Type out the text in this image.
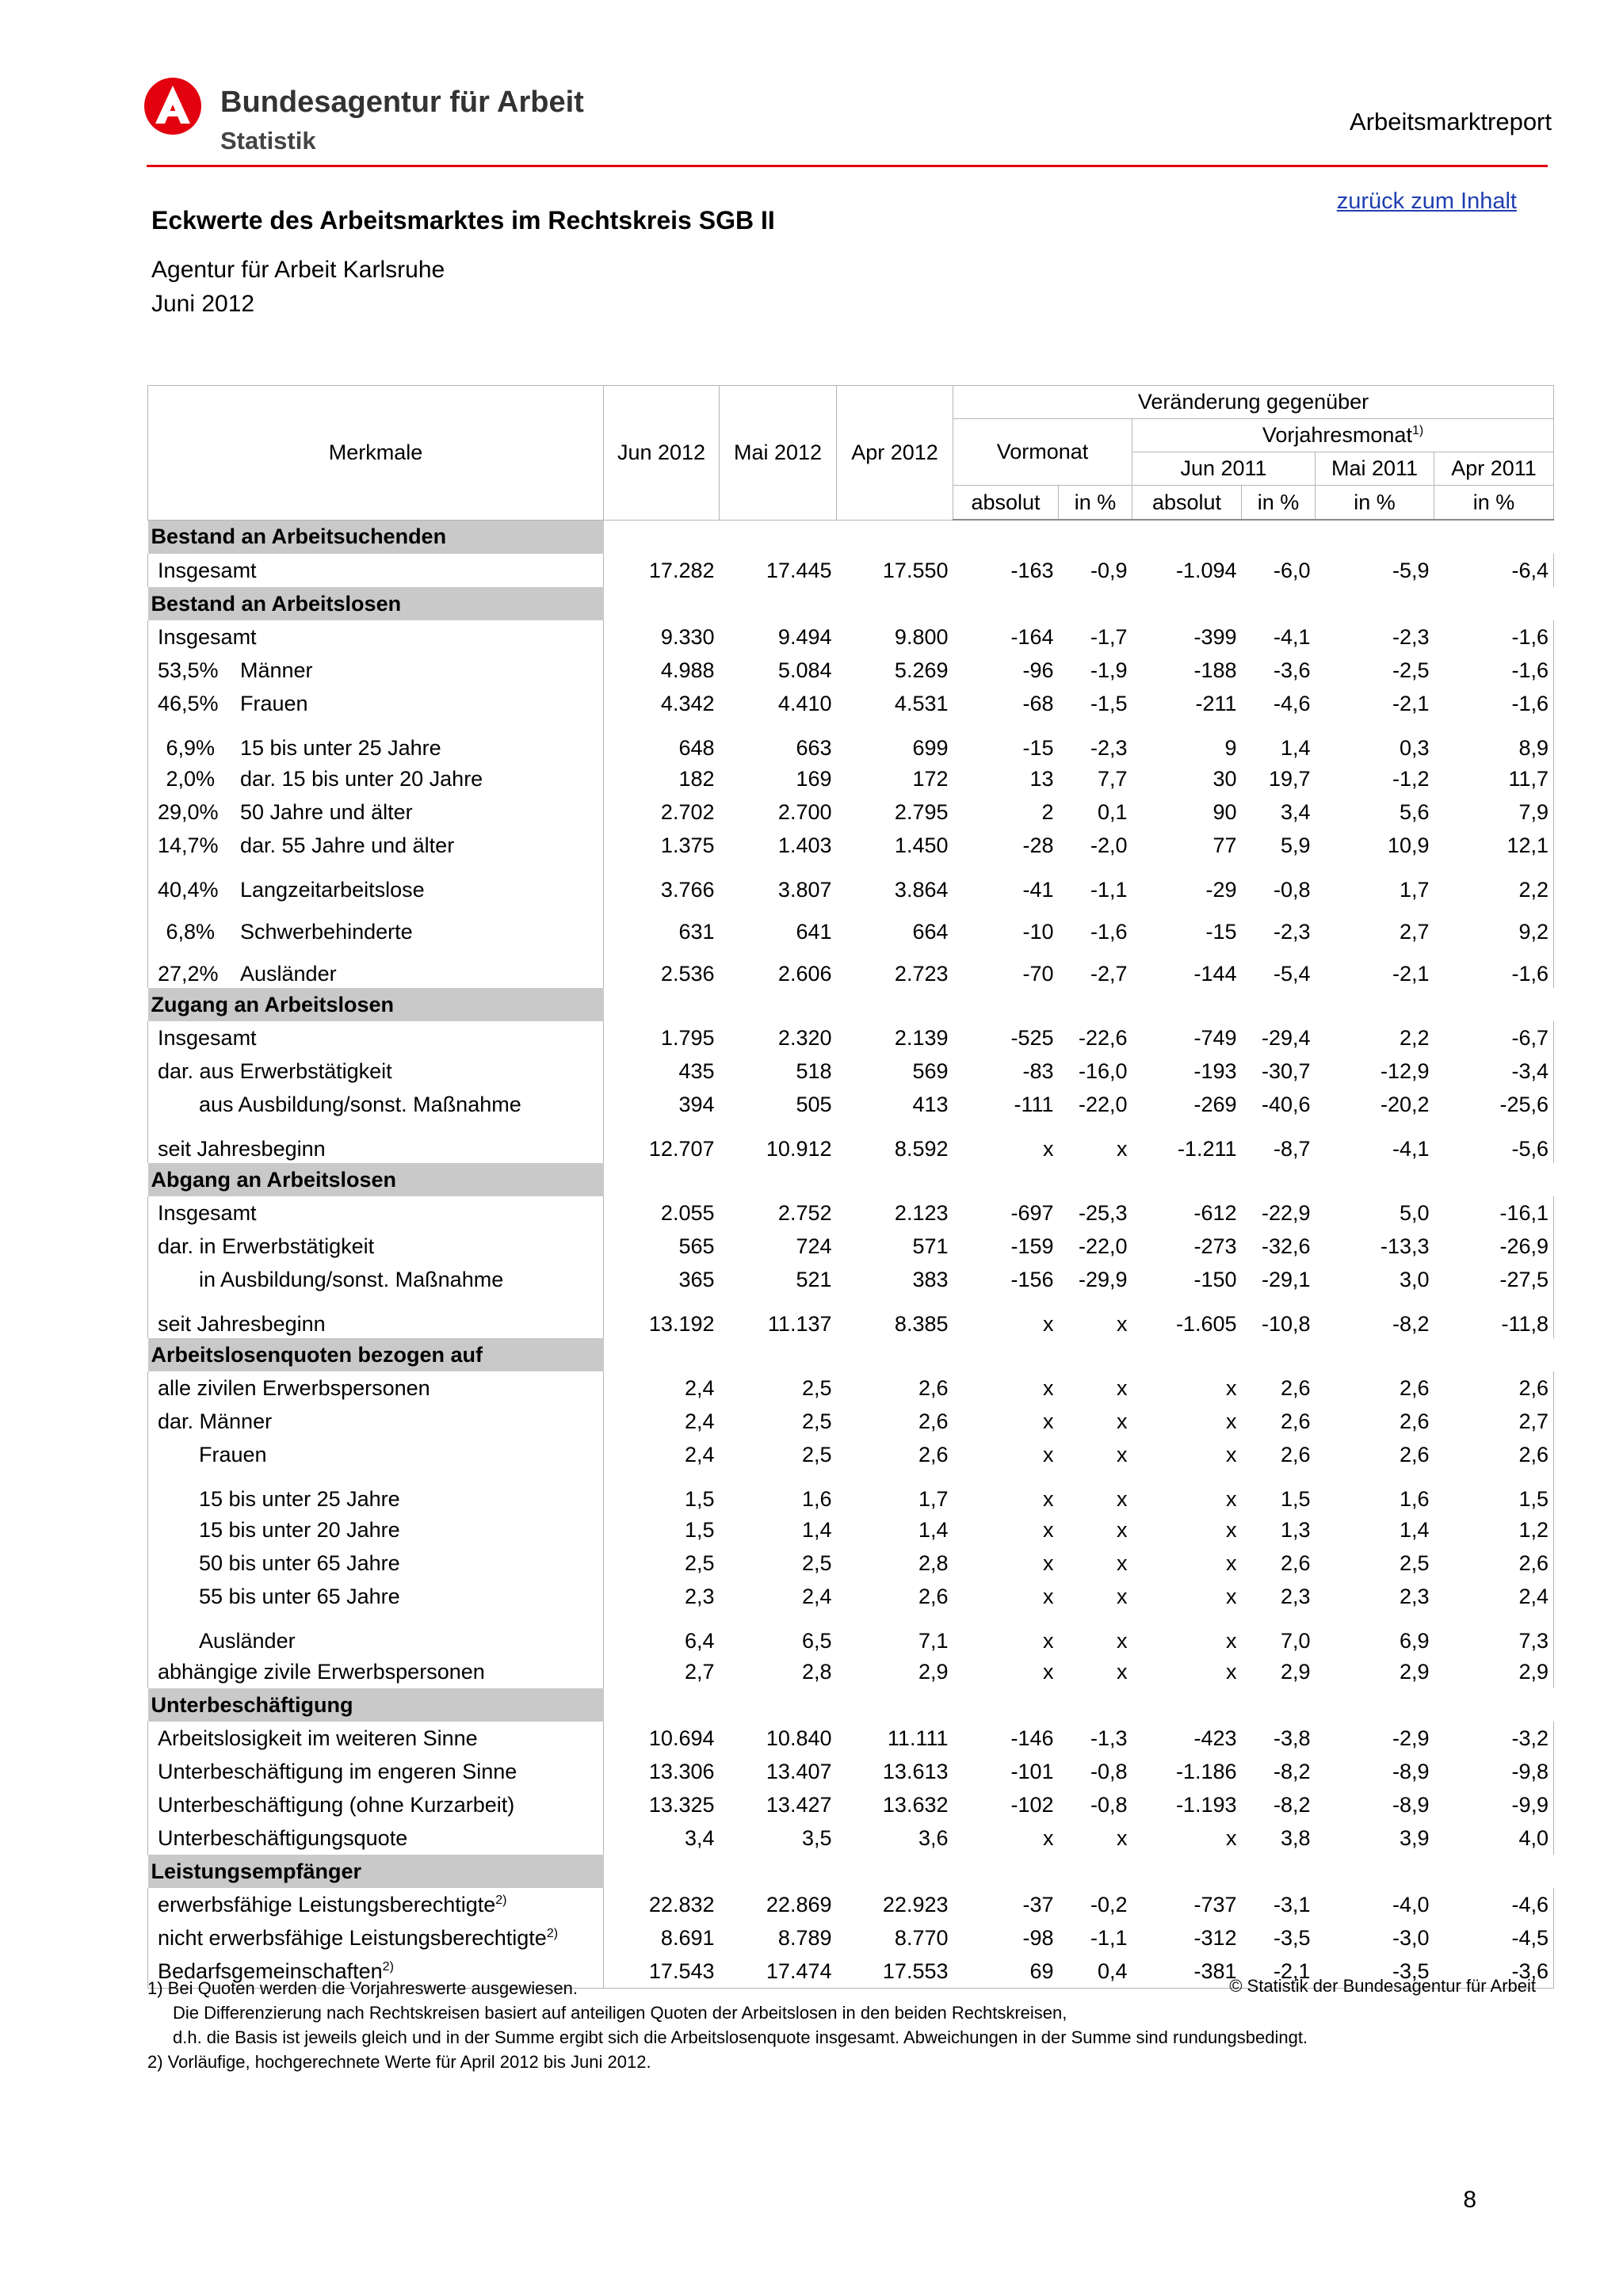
Bundesagentur für Arbeit
Statistik
Arbeitsmarktreport
zurück zum Inhalt
Eckwerte des Arbeitsmarktes im Rechtskreis SGB II
Agentur für Arbeit Karlsruhe
Juni 2012
Merkmale	Jun 2012	Mai 2012	Apr 2012	Veränderung gegenüber					
				Vormonat		Vorjahresmonat$^{1)}$
						Jun 2011		Mai 2011	Apr 2011
				absolut	in %	absolut	in %	in %	in %
Bestand an Arbeitsuchenden									
Insgesamt	17.282	17.445	17.550	-163	-0,9	-1.094	-6,0	-5,9	-6,4
Bestand an Arbeitslosen									
Insgesamt	9.330	9.494	9.800	-164	-1,7	-399	-4,1	-2,3	-1,6
53,5% Männer	4.988	5.084	5.269	-96	-1,9	-188	-3,6	-2,5	-1,6
46,5% Frauen	4.342	4.410	4.531	-68	-1,5	-211	-4,6	-2,1	-1,6
6,9% 15 bis unter 25 Jahre	648	663	699	-15	-2,3	9	1,4	0,3	8,9
2,0% dar. 15 bis unter 20 Jahre	182	169	172	13	7,7	30	19,7	-1,2	11,7
29,0% 50 Jahre und älter	2.702	2.700	2.795	2	0,1	90	3,4	5,6	7,9
14,7% dar. 55 Jahre und älter	1.375	1.403	1.450	-28	-2,0	77	5,9	10,9	12,1
40,4% Langzeitarbeitslose	3.766	3.807	3.864	-41	-1,1	-29	-0,8	1,7	2,2
6,8% Schwerbehinderte	631	641	664	-10	-1,6	-15	-2,3	2,7	9,2
27,2% Ausländer	2.536	2.606	2.723	-70	-2,7	-144	-5,4	-2,1	-1,6
Zugang an Arbeitslosen									
Insgesamt	1.795	2.320	2.139	-525	-22,6	-749	-29,4	2,2	-6,7
dar. aus Erwerbstätigkeit	435	518	569	-83	-16,0	-193	-30,7	-12,9	-3,4
aus Ausbildung/sonst. Maßnahme	394	505	413	-111	-22,0	-269	-40,6	-20,2	-25,6
seit Jahresbeginn	12.707	10.912	8.592	x	x	-1.211	-8,7	-4,1	-5,6
Abgang an Arbeitslosen									
Insgesamt	2.055	2.752	2.123	-697	-25,3	-612	-22,9	5,0	-16,1
dar. in Erwerbstätigkeit	565	724	571	-159	-22,0	-273	-32,6	-13,3	-26,9
in Ausbildung/sonst. Maßnahme	365	521	383	-156	-29,9	-150	-29,1	3,0	-27,5
seit Jahresbeginn	13.192	11.137	8.385	x	x	-1.605	-10,8	-8,2	-11,8
Arbeitslosenquoten bezogen auf									
alle zivilen Erwerbspersonen	2,4	2,5	2,6	x	x	x	2,6	2,6	2,6
dar. Männer	2,4	2,5	2,6	x	x	x	2,6	2,6	2,7
Frauen	2,4	2,5	2,6	x	x	x	2,6	2,6	2,6
15 bis unter 25 Jahre	1,5	1,6	1,7	x	x	x	1,5	1,6	1,5
15 bis unter 20 Jahre	1,5	1,4	1,4	x	x	x	1,3	1,4	1,2
50 bis unter 65 Jahre	2,5	2,5	2,8	x	x	x	2,6	2,5	2,6
55 bis unter 65 Jahre	2,3	2,4	2,6	x	x	x	2,3	2,3	2,4
Ausländer	6,4	6,5	7,1	x	x	x	7,0	6,9	7,3
abhängige zivile Erwerbspersonen	2,7	2,8	2,9	x	x	x	2,9	2,9	2,9
Unterbeschäftigung									
Arbeitslosigkeit im weiteren Sinne	10.694	10.840	11.111	-146	-1,3	-423	-3,8	-2,9	-3,2
Unterbeschäftigung im engeren Sinne	13.306	13.407	13.613	-101	-0,8	-1.186	-8,2	-8,9	-9,8
Unterbeschäftigung (ohne Kurzarbeit)	13.325	13.427	13.632	-102	-0,8	-1.193	-8,2	-8,9	-9,9
Unterbeschäftigungsquote	3,4	3,5	3,6	x	x	x	3,8	3,9	4,0
Leistungsempfänger									
erwerbsfähige Leistungsberechtigte$^{2)}$	22.832	22.869	22.923	-37	-0,2	-737	-3,1	-4,0	-4,6
nicht erwerbsfähige Leistungsberechtigte$^{2)}$	8.691	8.789	8.770	-98	-1,1	-312	-3,5	-3,0	-4,5
Bedarfsgemeinschaften$^{2)}$	17.543	17.474	17.553	69	0,4	-381	-2,1	-3,5	-3,6
1) Bei Quoten werden die Vorjahreswerte ausgewiesen.
Die Differenzierung nach Rechtskreisen basiert auf anteiligen Quoten der Arbeitslosen in den beiden Rechtskreisen,
d.h. die Basis ist jeweils gleich und in der Summe ergibt sich die Arbeitslosenquote insgesamt. Abweichungen in der Summe sind rundungsbedingt.
2) Vorläufige, hochgerechnete Werte für April 2012 bis Juni 2012.
© Statistik der Bundesagentur für Arbeit
8
